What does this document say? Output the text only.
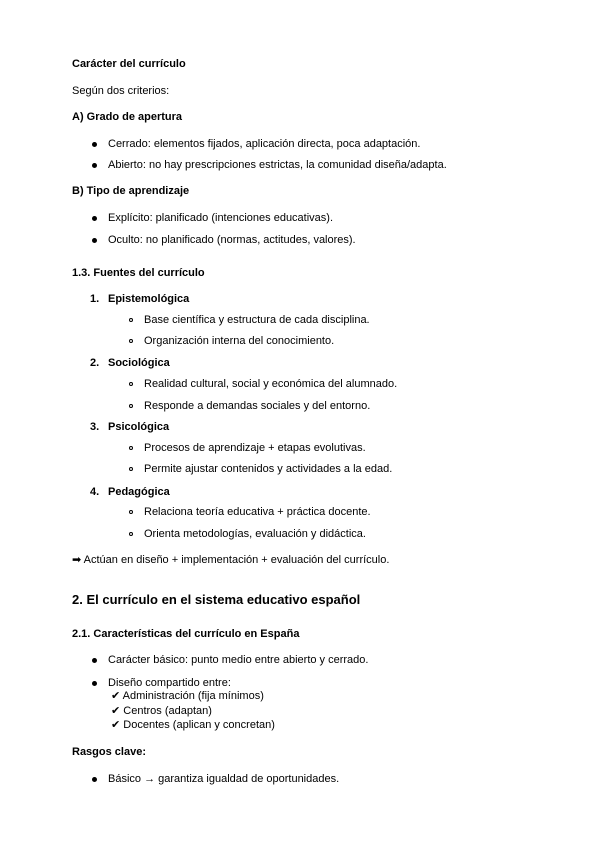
Carácter del currículo
Según dos criterios:
A) Grado de apertura
Cerrado: elementos fijados, aplicación directa, poca adaptación.
Abierto: no hay prescripciones estrictas, la comunidad diseña/adapta.
B) Tipo de aprendizaje
Explícito: planificado (intenciones educativas).
Oculto: no planificado (normas, actitudes, valores).
1.3. Fuentes del currículo
1. Epistemológica
Base científica y estructura de cada disciplina.
Organización interna del conocimiento.
2. Sociológica
Realidad cultural, social y económica del alumnado.
Responde a demandas sociales y del entorno.
3. Psicológica
Procesos de aprendizaje + etapas evolutivas.
Permite ajustar contenidos y actividades a la edad.
4. Pedagógica
Relaciona teoría educativa + práctica docente.
Orienta metodologías, evaluación y didáctica.
➡ Actúan en diseño + implementación + evaluación del currículo.
2. El currículo en el sistema educativo español
2.1. Características del currículo en España
Carácter básico: punto medio entre abierto y cerrado.
Diseño compartido entre:
✔ Administración (fija mínimos)
✔ Centros (adaptan)
✔ Docentes (aplican y concretan)
Rasgos clave:
Básico → garantiza igualdad de oportunidades.
